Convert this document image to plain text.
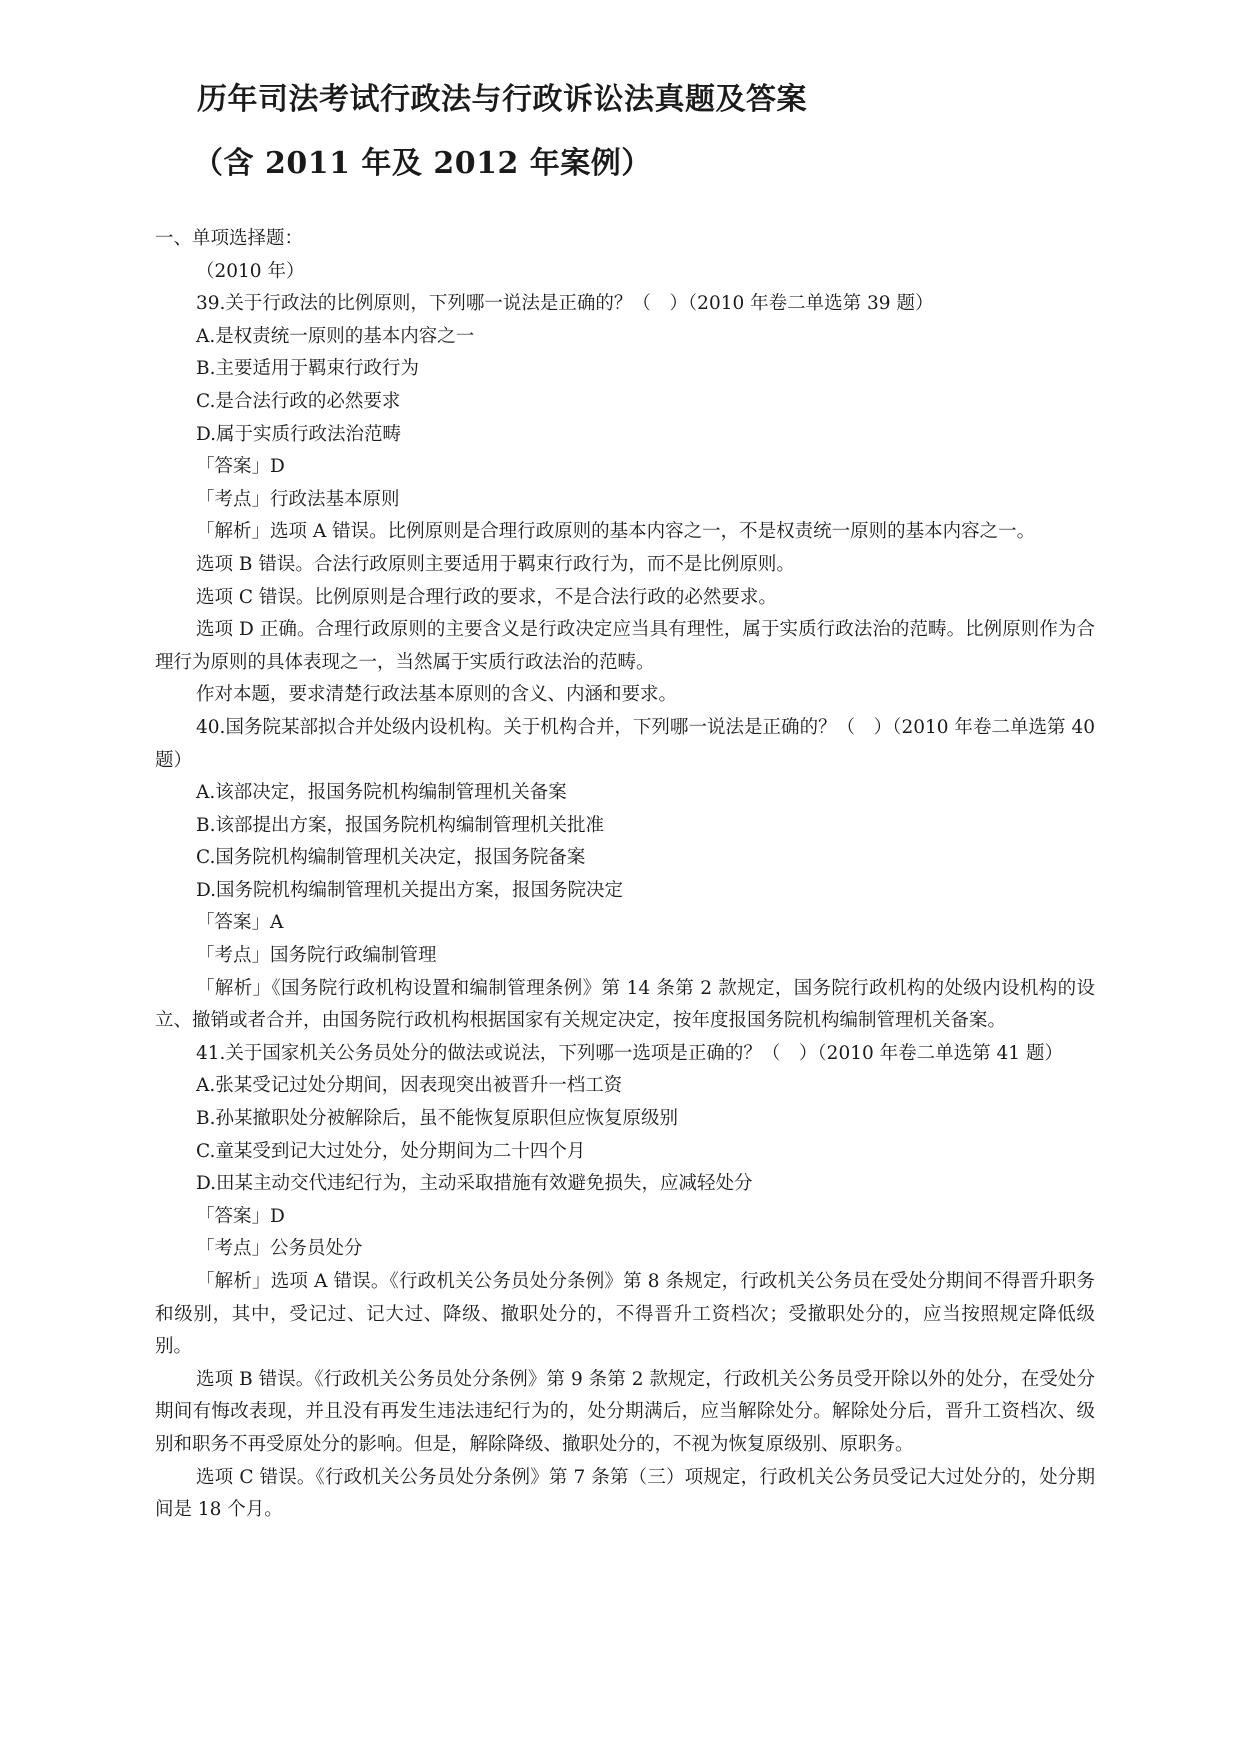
历年司法考试行政法与行政诉讼法真题及答案
（含 2011 年及 2012 年案例）

一、单项选择题：

（2010 年）

39.关于行政法的比例原则，下列哪一说法是正确的？（　）（2010 年卷二单选第 39 题）

A.是权责统一原则的基本内容之一

B.主要适用于羁束行政行为

C.是合法行政的必然要求

D.属于实质行政法治范畴

「答案」D

「考点」行政法基本原则

「解析」选项 A 错误。比例原则是合理行政原则的基本内容之一，不是权责统一原则的基本内容之一。

选项 B 错误。合法行政原则主要适用于羁束行政行为，而不是比例原则。

选项 C 错误。比例原则是合理行政的要求，不是合法行政的必然要求。

选项 D 正确。合理行政原则的主要含义是行政决定应当具有理性，属于实质行政法治的范畴。比例原则作为合理行为原则的具体表现之一，当然属于实质行政法治的范畴。

作对本题，要求清楚行政法基本原则的含义、内涵和要求。

40.国务院某部拟合并处级内设机构。关于机构合并，下列哪一说法是正确的？（　）（2010 年卷二单选第 40 题）

A.该部决定，报国务院机构编制管理机关备案

B.该部提出方案，报国务院机构编制管理机关批准

C.国务院机构编制管理机关决定，报国务院备案

D.国务院机构编制管理机关提出方案，报国务院决定

「答案」A

「考点」国务院行政编制管理

「解析」《国务院行政机构设置和编制管理条例》第 14 条第 2 款规定，国务院行政机构的处级内设机构的设立、撤销或者合并，由国务院行政机构根据国家有关规定决定，按年度报国务院机构编制管理机关备案。

41.关于国家机关公务员处分的做法或说法，下列哪一选项是正确的？（　）（2010 年卷二单选第 41 题）

A.张某受记过处分期间，因表现突出被晋升一档工资

B.孙某撤职处分被解除后，虽不能恢复原职但应恢复原级别

C.童某受到记大过处分，处分期间为二十四个月

D.田某主动交代违纪行为，主动采取措施有效避免损失，应减轻处分

「答案」D

「考点」公务员处分

「解析」选项 A 错误。《行政机关公务员处分条例》第 8 条规定，行政机关公务员在受处分期间不得晋升职务和级别，其中，受记过、记大过、降级、撤职处分的，不得晋升工资档次；受撤职处分的，应当按照规定降低级别。

选项 B 错误。《行政机关公务员处分条例》第 9 条第 2 款规定，行政机关公务员受开除以外的处分，在受处分期间有悔改表现，并且没有再发生违法违纪行为的，处分期满后，应当解除处分。解除处分后，晋升工资档次、级别和职务不再受原处分的影响。但是，解除降级、撤职处分的，不视为恢复原级别、原职务。

选项 C 错误。《行政机关公务员处分条例》第 7 条第（三）项规定，行政机关公务员受记大过处分的，处分期间是 18 个月。
